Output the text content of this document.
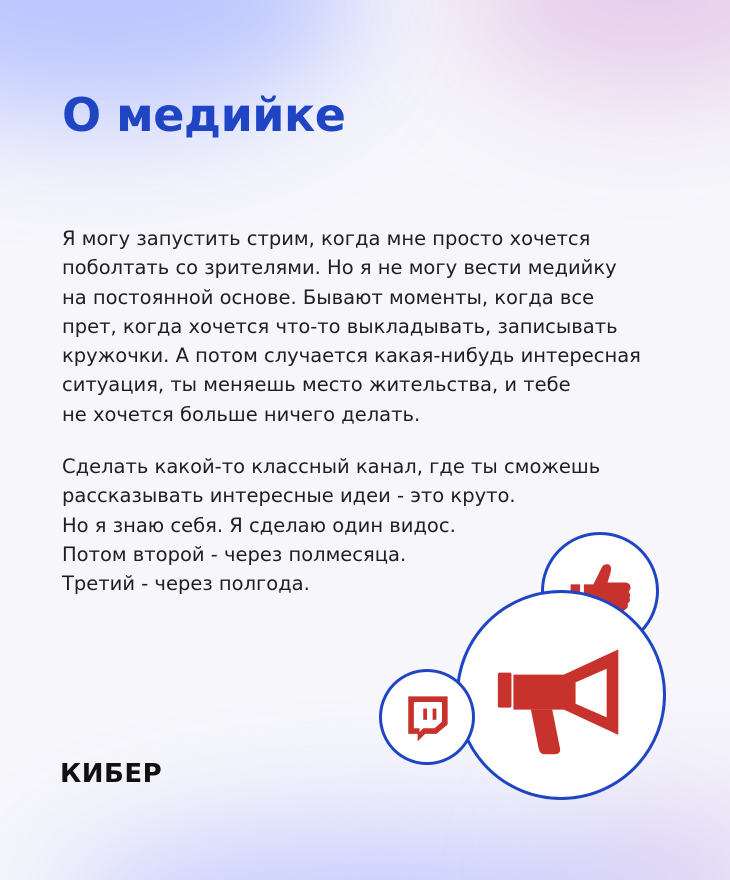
О медийке

Я могу запустить стрим, когда мне просто хочется
поболтать со зрителями. Но я не могу вести медийку
на постоянной основе. Бывают моменты, когда все
прет, когда хочется что-то выкладывать, записывать
кружочки. А потом случается какая-нибудь интересная
ситуация, ты меняешь место жительства, и тебе
не хочется больше ничего делать.

Сделать какой-то классный канал, где ты сможешь
рассказывать интересные идеи - это круто.
Но я знаю себя. Я сделаю один видос.
Потом второй - через полмесяца.
Третий - через полгода.

КИБЕР
